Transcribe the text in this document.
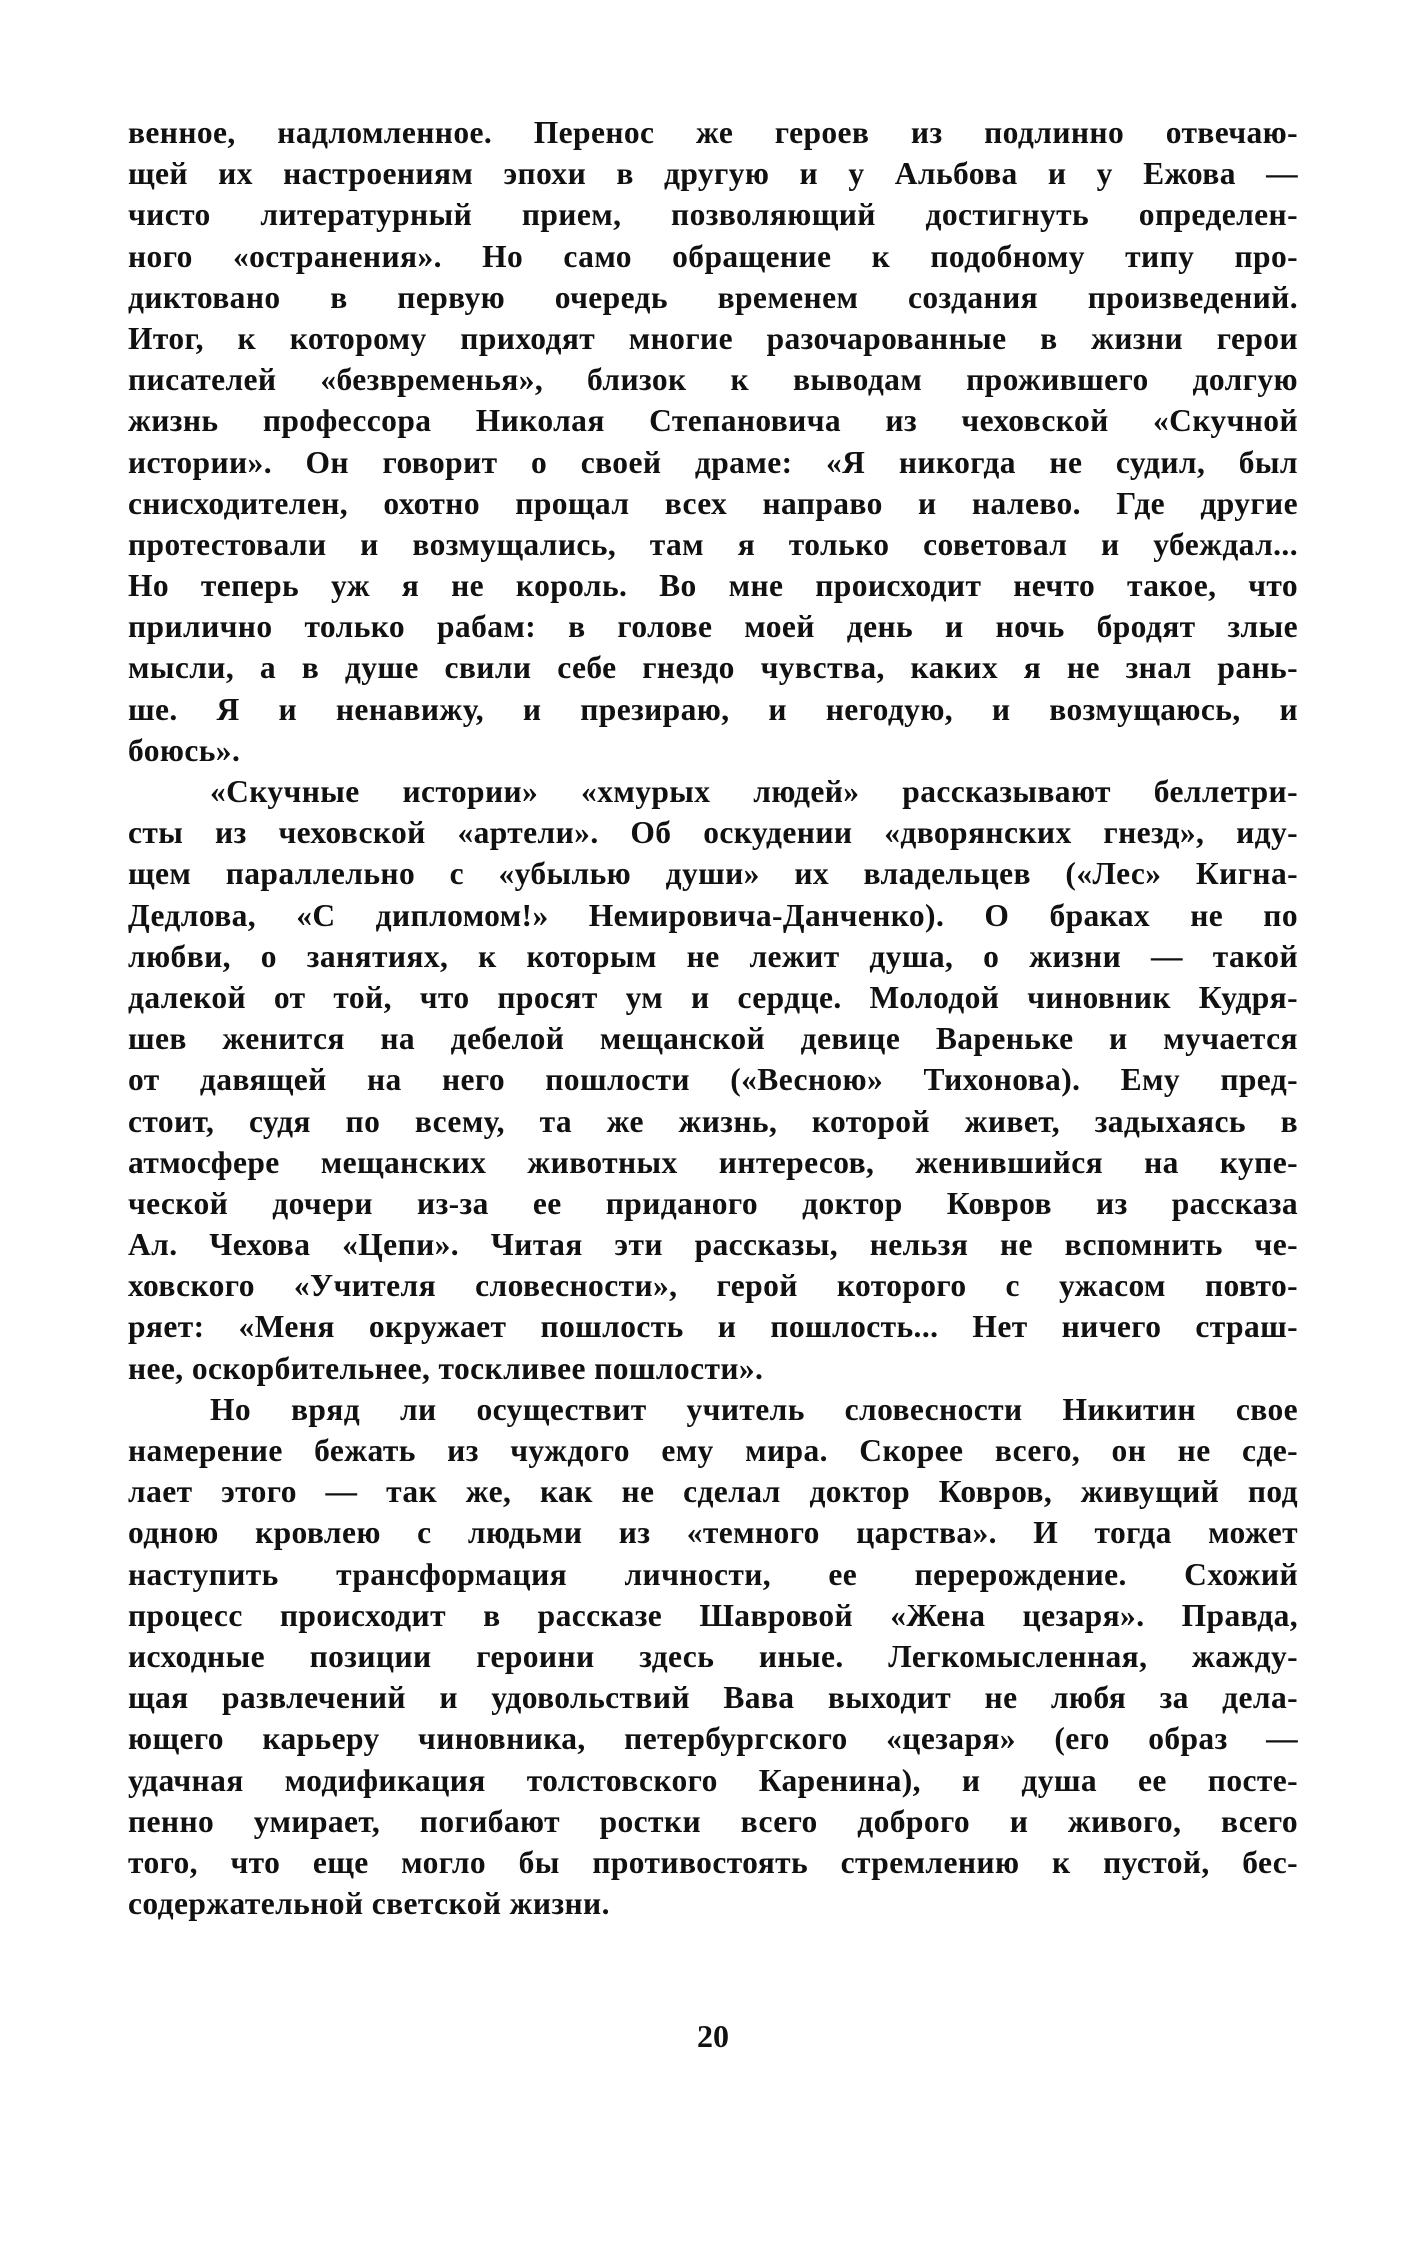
венное, надломленное. Перенос же героев из подлинно отвечаю-
щей их настроениям эпохи в другую и у Альбова и у Ежова —
чисто литературный прием, позволяющий достигнуть определен-
ного «остранения». Но само обращение к подобному типу про-
диктовано в первую очередь временем создания произведений.
Итог, к которому приходят многие разочарованные в жизни герои
писателей «безвременья», близок к выводам прожившего долгую
жизнь профессора Николая Степановича из чеховской «Скучной
истории». Он говорит о своей драме: «Я никогда не судил, был
снисходителен, охотно прощал всех направо и налево. Где другие
протестовали и возмущались, там я только советовал и убеждал...
Но теперь уж я не король. Во мне происходит нечто такое, что
прилично только рабам: в голове моей день и ночь бродят злые
мысли, а в душе свили себе гнездо чувства, каких я не знал рань-
ше. Я и ненавижу, и презираю, и негодую, и возмущаюсь, и
боюсь».
«Скучные истории» «хмурых людей» рассказывают беллетри-
сты из чеховской «артели». Об оскудении «дворянских гнезд», иду-
щем параллельно с «убылью души» их владельцев («Лес» Кигна-
Дедлова, «С дипломом!» Немировича-Данченко). О браках не по
любви, о занятиях, к которым не лежит душа, о жизни — такой
далекой от той, что просят ум и сердце. Молодой чиновник Кудря-
шев женится на дебелой мещанской девице Вареньке и мучается
от давящей на него пошлости («Весною» Тихонова). Ему пред-
стоит, судя по всему, та же жизнь, которой живет, задыхаясь в
атмосфере мещанских животных интересов, женившийся на купе-
ческой дочери из-за ее приданого доктор Ковров из рассказа
Ал. Чехова «Цепи». Читая эти рассказы, нельзя не вспомнить че-
ховского «Учителя словесности», герой которого с ужасом повто-
ряет: «Меня окружает пошлость и пошлость... Нет ничего страш-
нее, оскорбительнее, тоскливее пошлости».
Но вряд ли осуществит учитель словесности Никитин свое
намерение бежать из чуждого ему мира. Скорее всего, он не сде-
лает этого — так же, как не сделал доктор Ковров, живущий под
одною кровлею с людьми из «темного царства». И тогда может
наступить трансформация личности, ее перерождение. Схожий
процесс происходит в рассказе Шавровой «Жена цезаря». Правда,
исходные позиции героини здесь иные. Легкомысленная, жажду-
щая развлечений и удовольствий Вава выходит не любя за дела-
ющего карьеру чиновника, петербургского «цезаря» (его образ —
удачная модификация толстовского Каренина), и душа ее посте-
пенно умирает, погибают ростки всего доброго и живого, всего
того, что еще могло бы противостоять стремлению к пустой, бес-
содержательной светской жизни.
20
